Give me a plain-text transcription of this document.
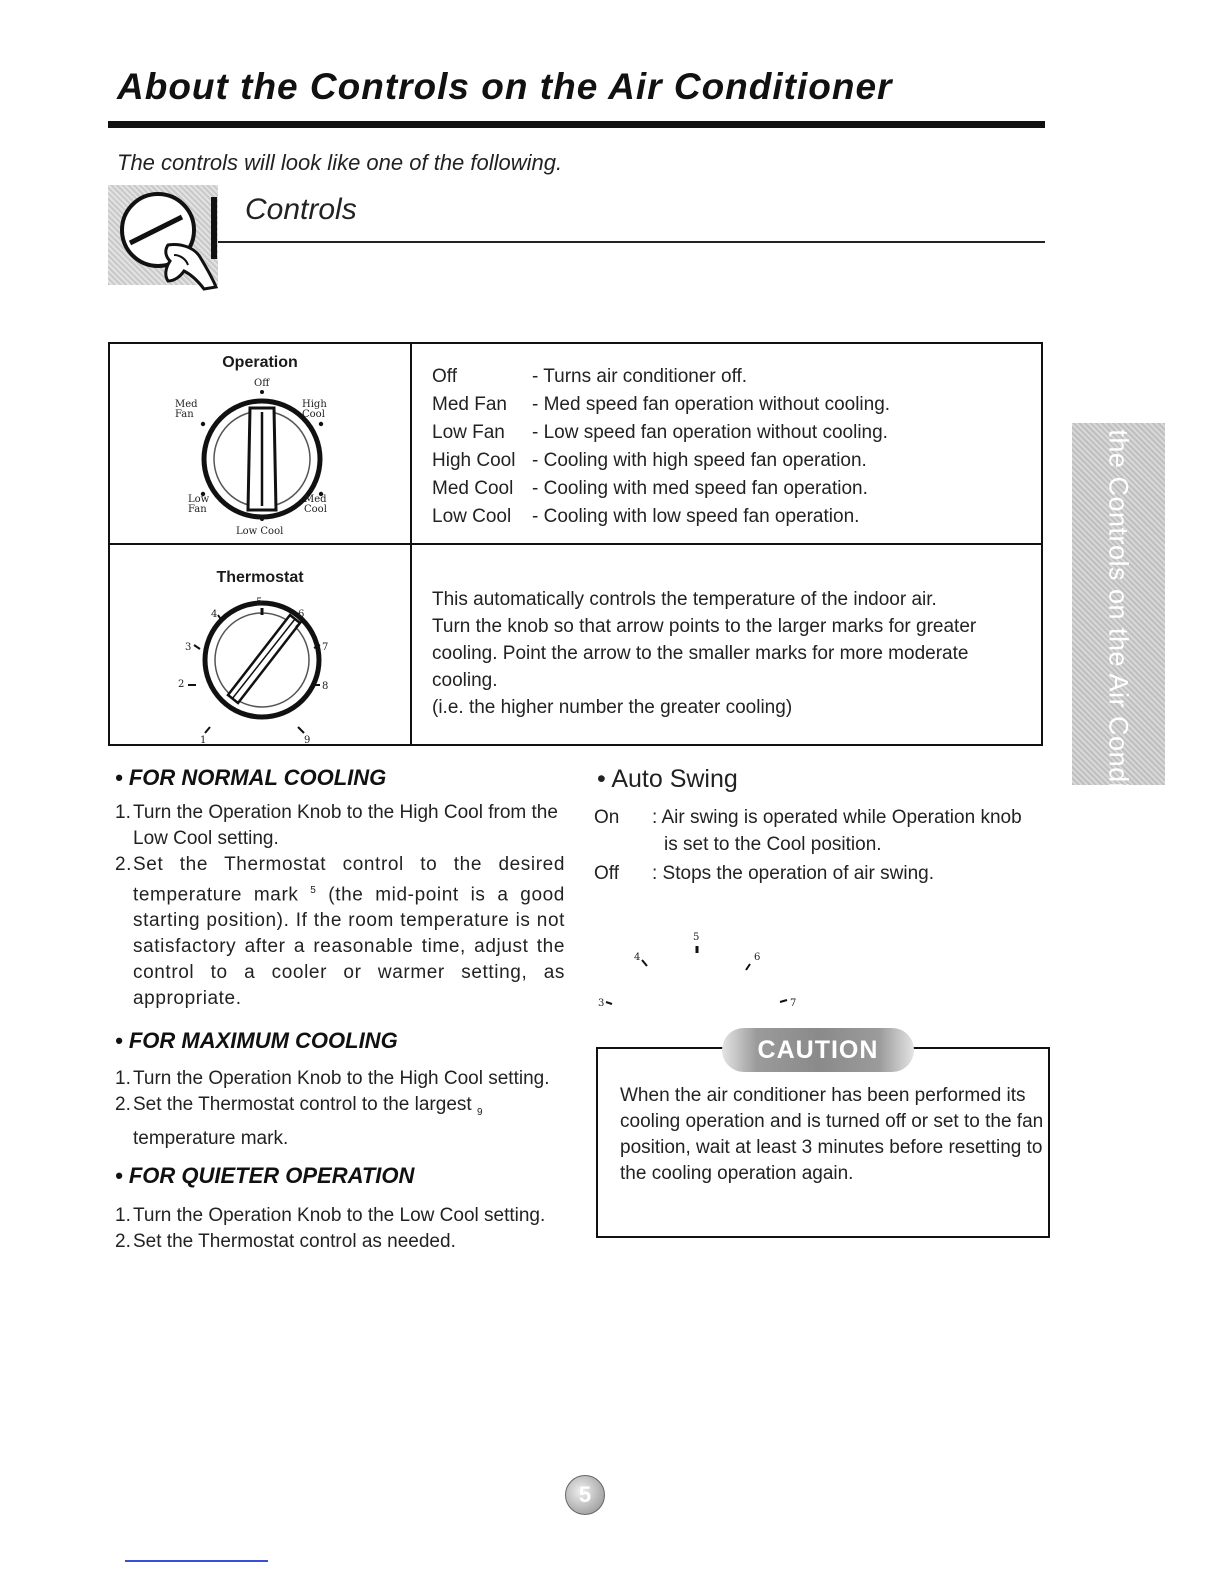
About the Controls on the Air Conditioner
The controls will look like one of the following.
Controls
Operation
Off
High
Cool
Med
Fan
Low
Fan
Med
Cool
Low Cool
Off	- Turns air conditioner off.
Med Fan - Med speed fan operation without cooling.
Low Fan - Low speed fan operation without cooling.
High Cool - Cooling with high speed fan operation.
Med Cool - Cooling with med speed fan operation.
Low Cool - Cooling with low speed fan operation.
Thermostat
1
2
3
4
5
6
7
8
9
This automatically controls the temperature of the indoor air.
Turn the knob so that arrow points to the larger marks for greater
cooling. Point the arrow to the smaller marks for more moderate
cooling.
(i.e. the higher number the greater cooling)	About the Controls on the Air Conditioner
• FOR NORMAL COOLING
1. Turn the Operation Knob to the High Cool from the Low Cool setting.
2. Set the Thermostat control to the desired temperature mark $^5$ (the mid-point is a good starting position). If the room temperature is not satisfactory after a reasonable time, adjust the control to a cooler or warmer setting, as appropriate.
• FOR MAXIMUM COOLING
1. Turn the Operation Knob to the High Cool setting.
2. Set the Thermostat control to the largest $_9$
temperature mark.
• FOR QUIETER OPERATION
1. Turn the Operation Knob to the Low Cool setting.
2. Set the Thermostat control as needed.
• Auto Swing
On : Air swing is operated while Operation knob
is set to the Cool position.
Off : Stops the operation of air swing.
3
4
5
6
7
When the air conditioner has been performed its cooling operation and is turned off or set to the fan position, wait at least 3 minutes before resetting to the cooling operation again.
CAUTION
5
